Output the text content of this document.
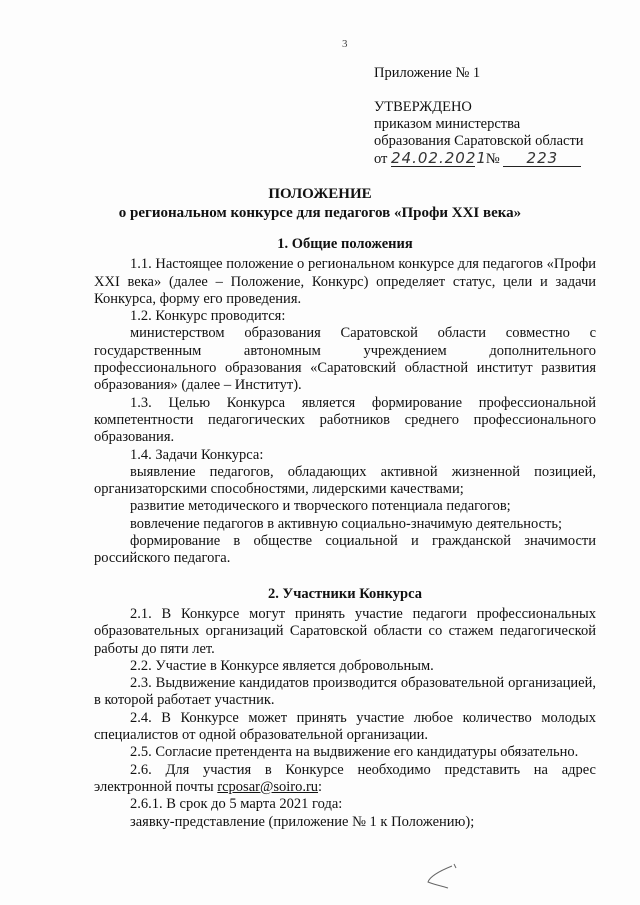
3
Приложение № 1
УТВЕРЖДЕНО
приказом министерства
образования Саратовской области
от 24.02.2021   № 223
ПОЛОЖЕНИЕ
о региональном конкурсе для педагогов «Профи XXI века»

1. Общие положения

1.1. Настоящее положение о региональном конкурсе для педагогов «Профи XXI века» (далее – Положение, Конкурс) определяет статус, цели и задачи Конкурса, форму его проведения.

1.2. Конкурс проводится:

министерством образования Саратовской области совместно с государственным автономным учреждением дополнительного профессионального образования «Саратовский областной институт развития образования» (далее – Институт).

1.3. Целью Конкурса является формирование профессиональной компетентности педагогических работников среднего профессионального образования.

1.4. Задачи Конкурса:

выявление педагогов, обладающих активной жизненной позицией, организаторскими способностями, лидерскими качествами;

развитие методического и творческого потенциала педагогов;

вовлечение педагогов в активную социально-значимую деятельность;

формирование в обществе социальной и гражданской значимости российского педагога.

2. Участники Конкурса

2.1. В Конкурсе могут принять участие педагоги профессиональных образовательных организаций Саратовской области со стажем педагогической работы до пяти лет.

2.2. Участие в Конкурсе является добровольным.

2.3. Выдвижение кандидатов производится образовательной организацией, в которой работает участник.

2.4. В Конкурсе может принять участие любое количество молодых специалистов от одной образовательной организации.

2.5. Согласие претендента на выдвижение его кандидатуры обязательно.

2.6. Для участия в Конкурсе необходимо представить на адрес электронной почты rcposar@soiro.ru:

2.6.1. В срок до 5 марта 2021 года:

заявку-представление (приложение № 1 к Положению);
